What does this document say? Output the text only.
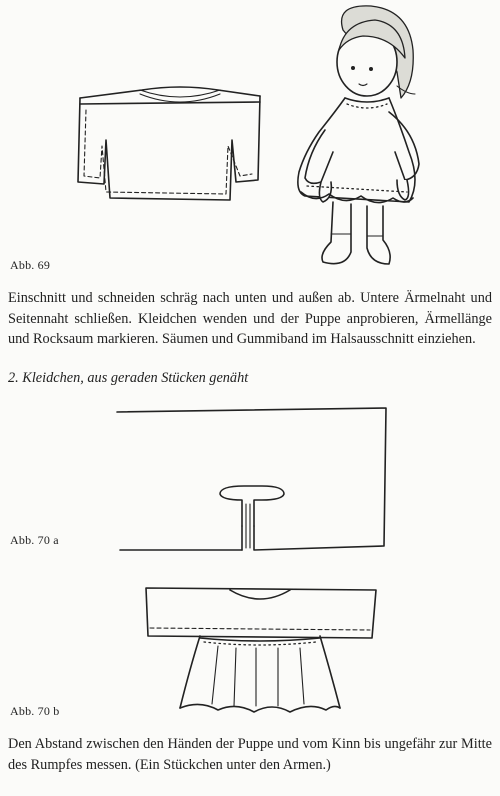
Abb. 69

Einschnitt und schneiden schräg nach unten und außen ab. Untere Ärmelnaht und Seitennaht schließen. Kleidchen wenden und der Puppe anprobieren, Ärmellänge und Rocksaum markieren. Säumen und Gummiband im Halsausschnitt einziehen.

2. Kleidchen, aus geraden Stücken genäht

Abb. 70 a
Abb. 70 b

Den Abstand zwischen den Händen der Puppe und vom Kinn bis ungefähr zur Mitte des Rumpfes messen. (Ein Stückchen unter den Armen.)
